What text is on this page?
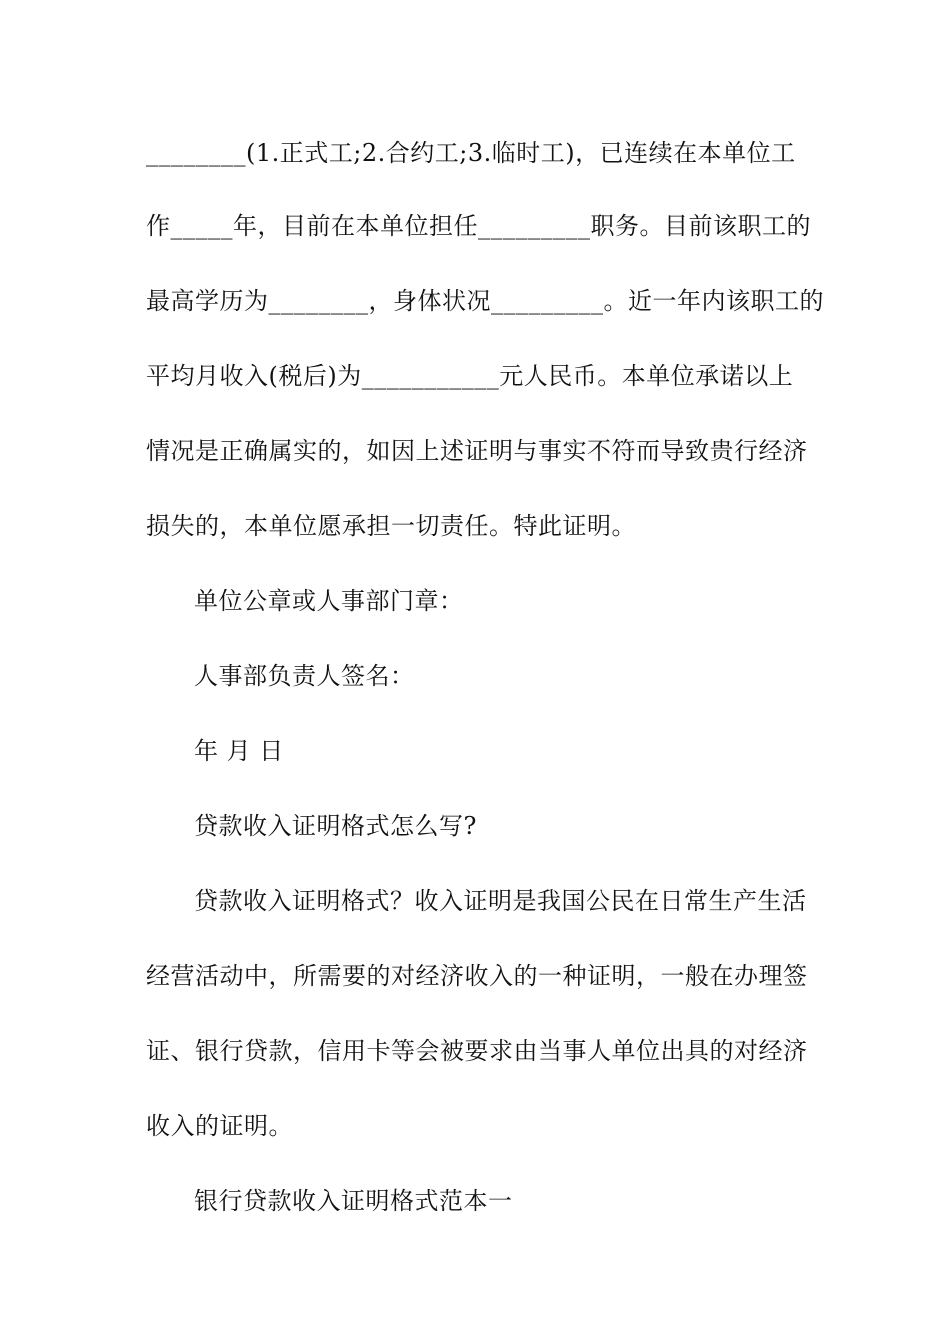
________(1.正式工;2.合约工;3.临时工)，已连续在本单位工
作_____年，目前在本单位担任_________职务。目前该职工的
最高学历为________，身体状况_________。近一年内该职工的
平均月收入(税后)为___________元人民币。本单位承诺以上
情况是正确属实的，如因上述证明与事实不符而导致贵行经济
损失的，本单位愿承担一切责任。特此证明。
单位公章或人事部门章：
人事部负责人签名：
年 月 日
贷款收入证明格式怎么写?
贷款收入证明格式？收入证明是我国公民在日常生产生活
经营活动中，所需要的对经济收入的一种证明，一般在办理签
证、银行贷款，信用卡等会被要求由当事人单位出具的对经济
收入的证明。
银行贷款收入证明格式范本一
